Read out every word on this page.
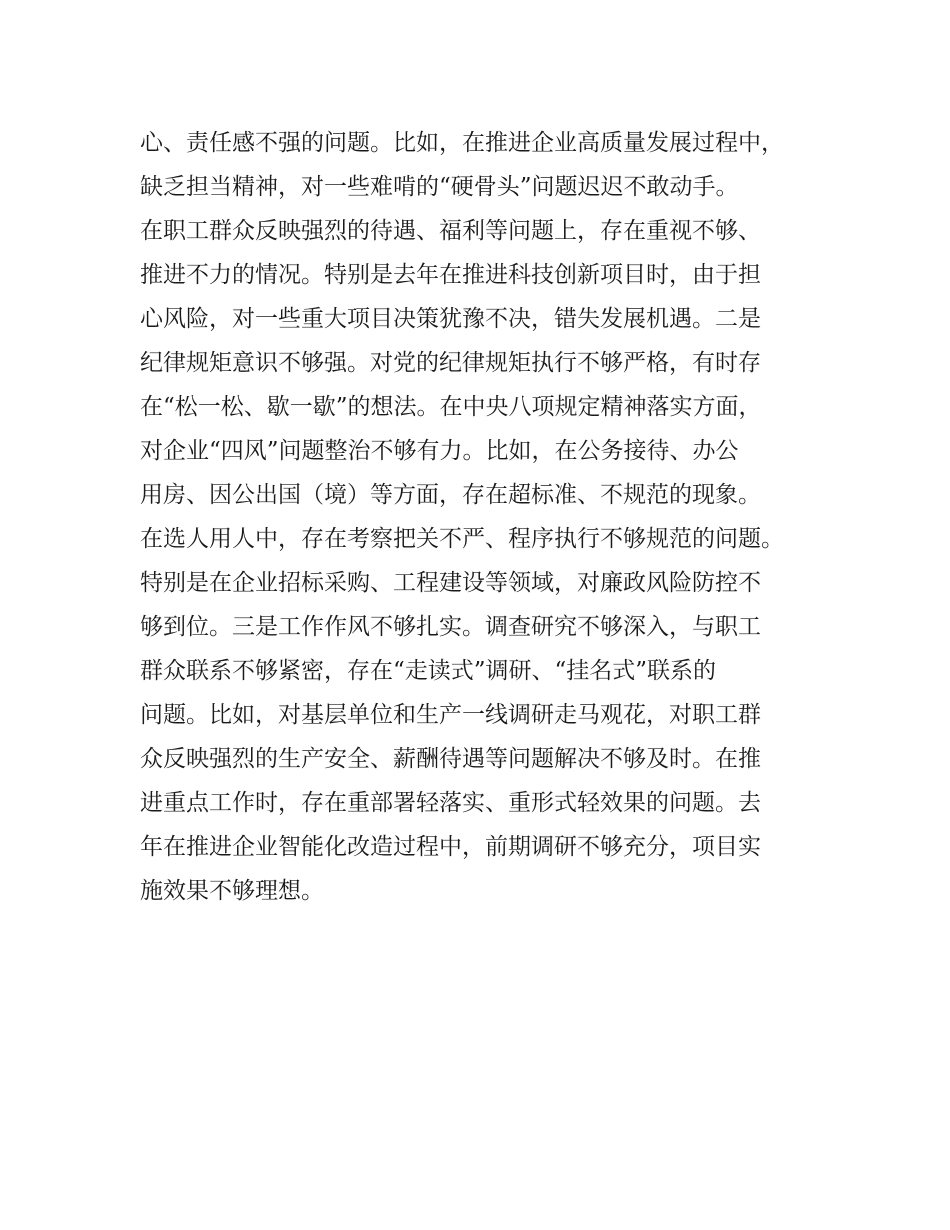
心、责任感不强的问题。比如，在推进企业高质量发展过程中，
缺乏担当精神，对一些难啃的“硬骨头”问题迟迟不敢动手。
在职工群众反映强烈的待遇、福利等问题上，存在重视不够、
推进不力的情况。特别是去年在推进科技创新项目时，由于担
心风险，对一些重大项目决策犹豫不决，错失发展机遇。二是
纪律规矩意识不够强。对党的纪律规矩执行不够严格，有时存
在“松一松、歇一歇”的想法。在中央八项规定精神落实方面，
对企业“四风”问题整治不够有力。比如，在公务接待、办公
用房、因公出国（境）等方面，存在超标准、不规范的现象。
在选人用人中，存在考察把关不严、程序执行不够规范的问题。
特别是在企业招标采购、工程建设等领域，对廉政风险防控不
够到位。三是工作作风不够扎实。调查研究不够深入，与职工
群众联系不够紧密，存在“走读式”调研、“挂名式”联系的
问题。比如，对基层单位和生产一线调研走马观花，对职工群
众反映强烈的生产安全、薪酬待遇等问题解决不够及时。在推
进重点工作时，存在重部署轻落实、重形式轻效果的问题。去
年在推进企业智能化改造过程中，前期调研不够充分，项目实
施效果不够理想。
